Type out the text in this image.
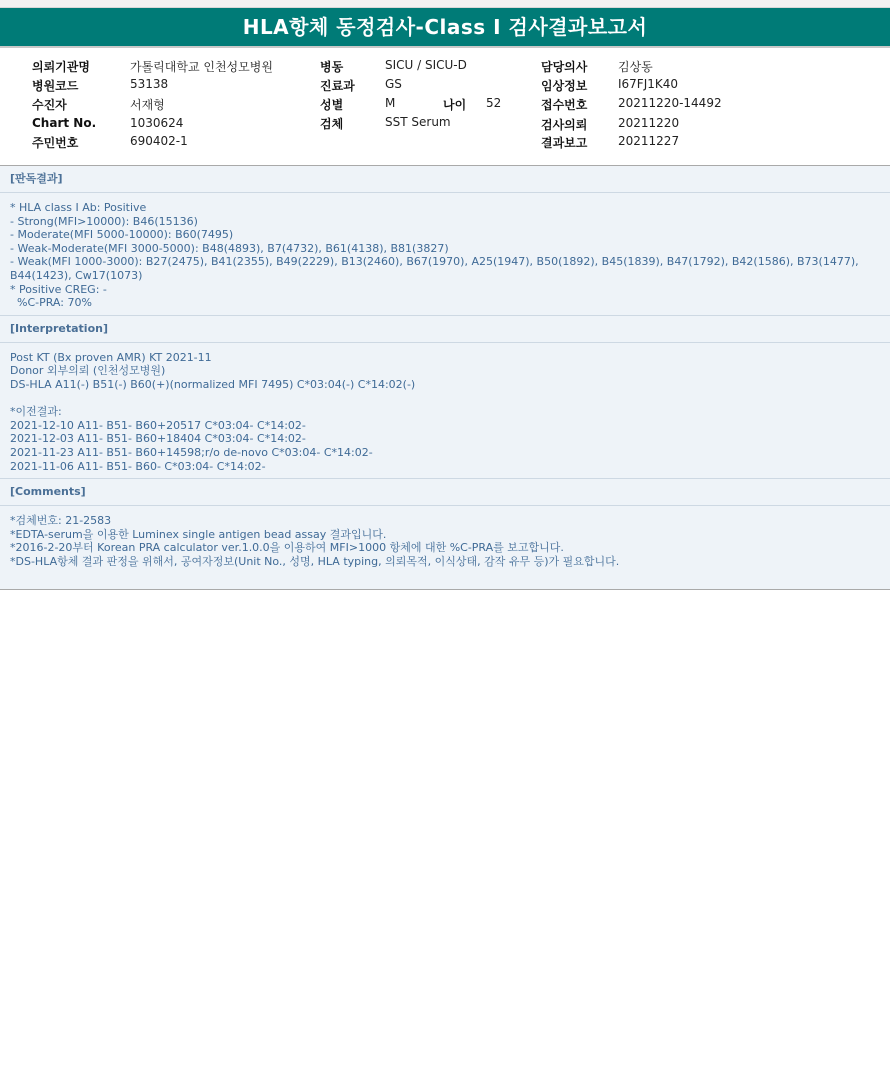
HLA항체 동정검사-Class I 검사결과보고서
의뢰기관명	가톨릭대학교 인천성모병원
병원코드	53138
수진자	서재형
Chart No.	1030624
주민번호	690402-1
병동	SICU / SICU-D
진료과	GS
성별	M	나이 52
검체	SST Serum
담당의사	김상동
임상정보	I67FJ1K40
접수번호	20211220-14492
검사의뢰	20211220
결과보고	20211227
[판독결과]
* HLA class I Ab: Positive
- Strong(MFI>10000): B46(15136)
- Moderate(MFI 5000-10000): B60(7495)
- Weak-Moderate(MFI 3000-5000): B48(4893), B7(4732), B61(4138), B81(3827)
- Weak(MFI 1000-3000): B27(2475), B41(2355), B49(2229), B13(2460), B67(1970), A25(1947), B50(1892), B45(1839), B47(1792), B42(1586), B73(1477), B44(1423), Cw17(1073)
* Positive CREG: -
%C-PRA: 70%
[Interpretation]
Post KT (Bx proven AMR) KT 2021-11
Donor 외부의뢰 (인천성모병원)
DS-HLA A11(-) B51(-) B60(+)(normalized MFI 7495) C*03:04(-) C*14:02(-)
*이전결과:
2021-12-10 A11- B51- B60+20517 C*03:04- C*14:02-
2021-12-03 A11- B51- B60+18404 C*03:04- C*14:02-
2021-11-23 A11- B51- B60+14598;r/o de-novo C*03:04- C*14:02-
2021-11-06 A11- B51- B60- C*03:04- C*14:02-
[Comments]
*검체번호: 21-2583
*EDTA-serum을 이용한 Luminex single antigen bead assay 결과입니다.
*2016-2-20부터 Korean PRA calculator ver.1.0.0을 이용하여 MFI>1000 항체에 대한 %C-PRA를 보고합니다.
*DS-HLA항체 결과 판정을 위해서, 공여자정보(Unit No., 성명, HLA typing, 의뢰목적, 이식상태, 감작 유무 등)가 필요합니다.
